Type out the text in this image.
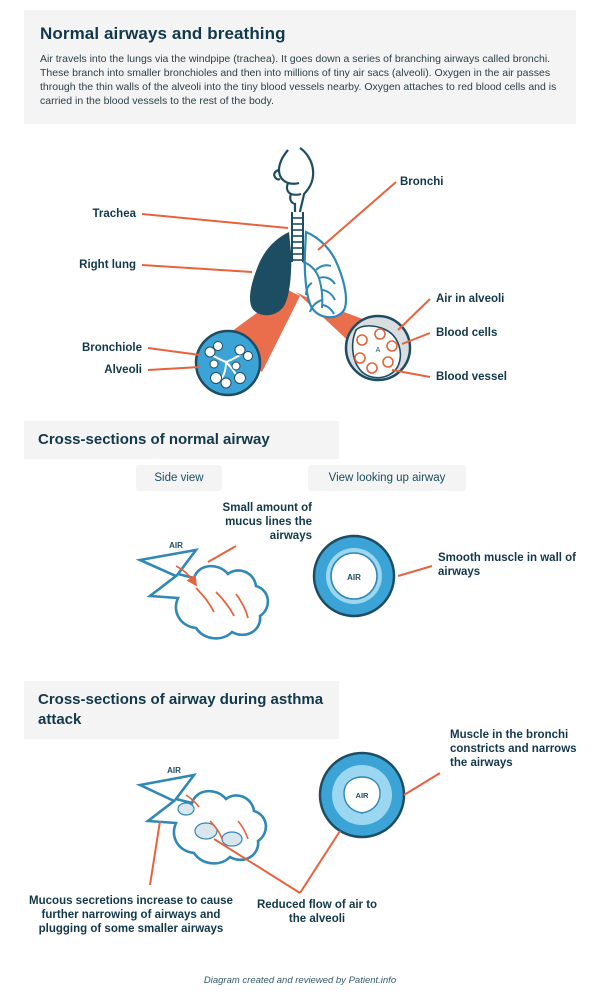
Normal airways and breathing

Air travels into the lungs via the windpipe (trachea). It goes down a series of branching airways called bronchi. These branch into smaller bronchioles and then into millions of tiny air sacs (alveoli). Oxygen in the air passes through the thin walls of the alveoli into the tiny blood vessels nearby. Oxygen attaches to red blood cells and is carried in the blood vessels to the rest of the body.

A
Trachea
Right lung
Bronchiole
Alveoli
Bronchi
Air in alveoli
Blood cells
Blood vessel
Cross-sections of normal airway
Side view	View looking up airway
AIR
AIR
Small amount of mucus lines the airways
Smooth muscle in wall of airways
Cross-sections of airway during asthma attack
AIR
AIR
Muscle in the bronchi constricts and narrows the airways
Mucous secretions increase to cause further narrowing of airways and plugging of some smaller airways
Reduced flow of air to the alveoli
Diagram created and reviewed by Patient.info
